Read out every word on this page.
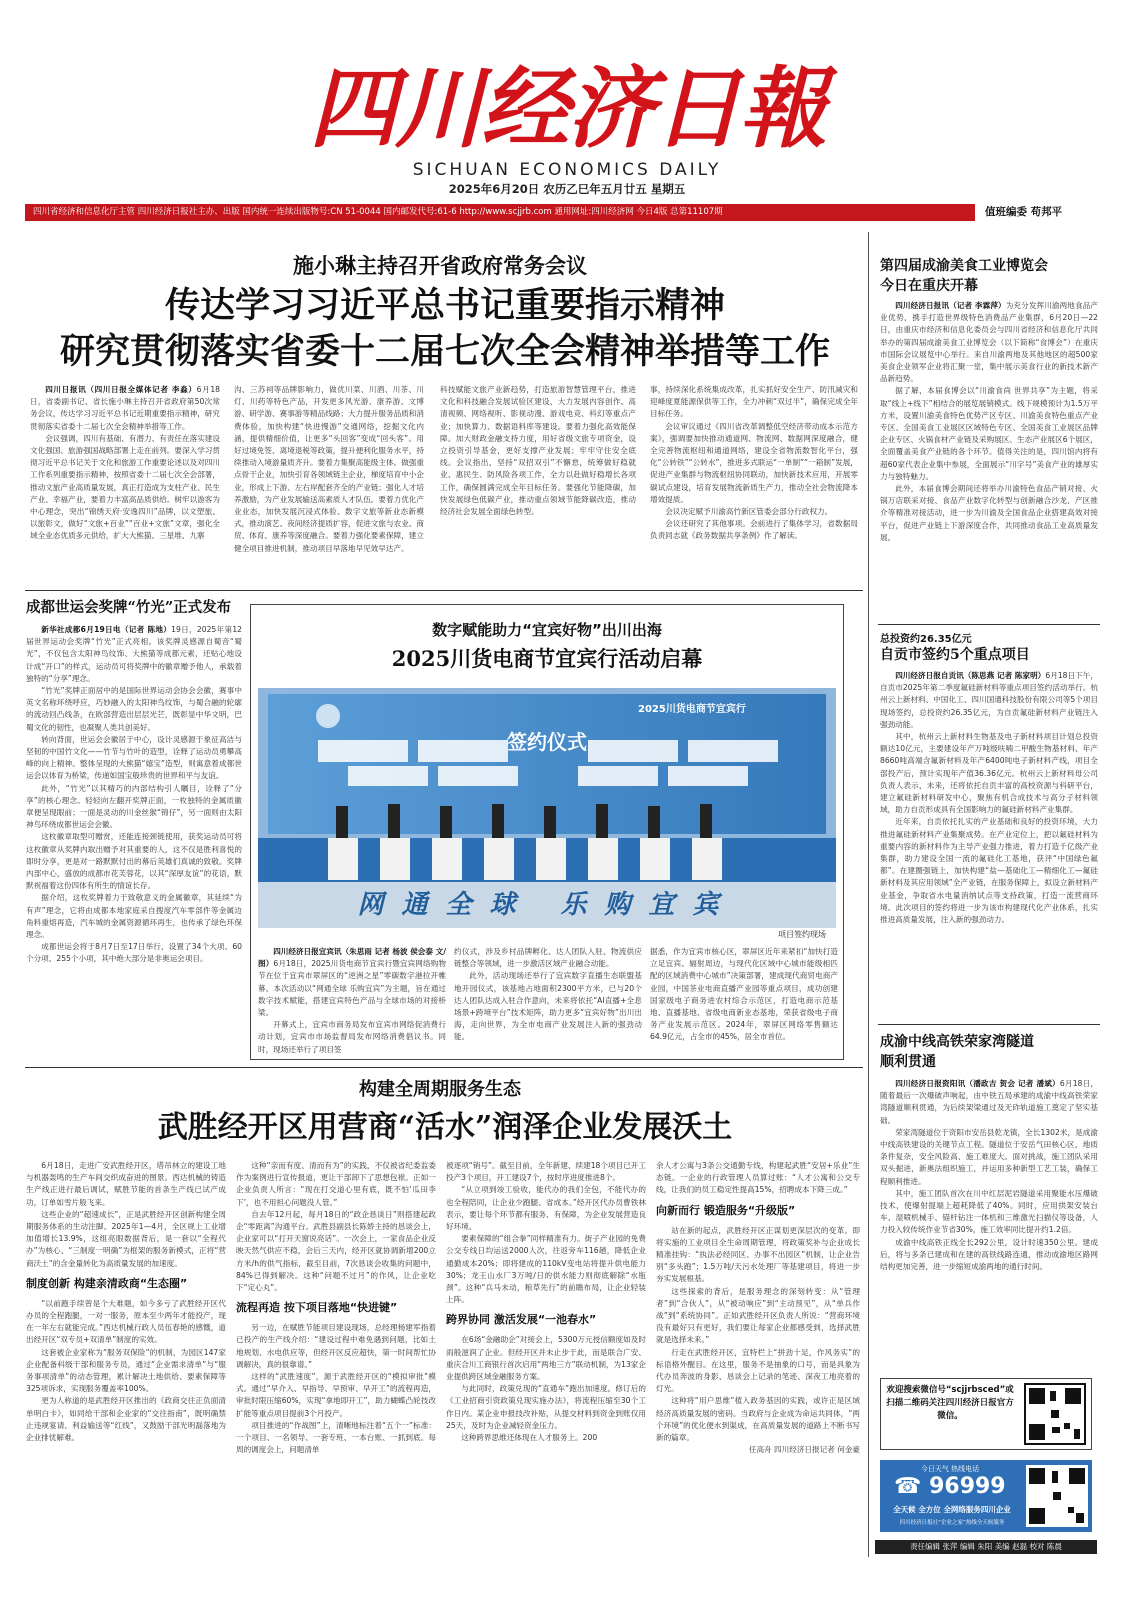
四川经济日報
SICHUAN ECONOMICS DAILY
2025年6月20日 农历乙巳年五月廿五 星期五
四川省经济和信息化厅主管 四川经济日报社主办、出版 国内统一连续出版物号:CN 51-0044 国内邮发代号:61-6 http://www.scjjrb.com 通用网址:四川经济网 今日4版 总第11107期	值班编委 苟邦平
施小琳主持召开省政府常务会议
传达学习习近平总书记重要指示精神
研究贯彻落实省委十二届七次全会精神举措等工作

四川日报讯（四川日报全媒体记者 李淼）6月18日，省委副书记、省长施小琳主持召开省政府第50次常务会议，传达学习习近平总书记近期重要指示精神，研究贯彻落实省委十二届七次全会精神举措等工作。

会议强调，四川有基础、有潜力、有责任在落实建设文化强国、旅游强国战略部署上走在前列。要深入学习贯彻习近平总书记关于文化和旅游工作重要论述以及对四川工作系列重要指示精神，按照省委十二届七次全会部署，推动文旅产业高质量发展，真正打造成为支柱产业、民生产业、幸福产业，要着力丰富高品质供给。树牢以游客为中心理念，突出“锦绣天府·安逸四川”品牌，以文塑旅、以旅彰文，做好“文旅+百业”“百业+文旅”文章，强化全域全业态优质多元供给，扩大大熊猫、三星堆、九寨

沟、三苏祠等品牌影响力，做优川菜、川酒、川茶、川灯、川药等特色产品，开发更多风光游、康养游、文博游、研学游、赛事游等精品线路；大力提升服务品质和消费体验，加快构建“快进慢游”交通网络，挖掘文化内涵，提供精细价值，让更多“头回客”变成“回头客”。用好过境免签、离境退税等政策，提升便利化服务水平，持续推动入境游量质齐升。要着力集聚高能级主体。做强重点骨干企业，加快引育各领域链主企业，梯度培育中小企业，形成上下游、左右岸配套齐全的产业链；强化人才培养激励，为产业发展输送高素质人才队伍。要着力优化产业业态，加快发展沉浸式体验、数字文旅等新业态新模式，推动演艺、夜间经济提质扩容，促进文旅与农业、商贸、体育、康养等深度融合。要着力强化要素保障，建立健全项目推进机制，推动项目早落地早见效早达产。
科技赋能文旅产业新趋势，打造旅游智慧管理平台，推进文化和科技融合发展试验区建设，大力发展内容创作、高清视频、网络视听、影视动漫、游戏电竞、科幻等重点产业；加快算力、数据语料库等建设。要着力强化高效能保障。加大财政金融支持力度，用好省级文旅专项资金，设立投资引导基金，更好支撑产业发展；牢牢守住安全底线。会议指出，坚持“双招双引”不懈怠，统筹做好稳就业、惠民生、防风险各项工作，全力以赴做好稳增长各项工作，确保圆满完成全年目标任务。要强化节能降碳，加快发展绿色低碳产业，推动重点领域节能降碳改造，推动经济社会发展全面绿色转型。

事，持续深化系统集成改革，扎实抓好安全生产、防汛减灾和迎峰度夏能源保供等工作，全力冲刺“双过半”，确保完成全年目标任务。

会议审议通过《四川省改革调整低空经济带动成本示范方案》，强调要加快推动通道网、物流网、数据网深度融合，健全完善物流枢纽和通道网络，建设全省物流数智化平台，强化“公转铁”“公转水”，推进多式联运“一单制”“一箱制”发展，促进产业集群与物流枢纽协同联动，加快新技术应用，开展零碳试点建设，培育发展物流新质生产力，推动全社会物流降本增效提质。

会议决定赋予川渝高竹新区管委会部分行政权力。

会议还研究了其他事项。会前进行了集体学习，省数据局负责同志就《政务数据共享条例》作了解读。

成都世运会奖牌“竹光”正式发布

新华社成都6月19日电（记者 陈地）19日，2025年第12届世界运动会奖牌“竹光”正式亮相。该奖牌灵感源自蜀音“蜀光”，不仅包含太阳神鸟纹饰、大熊猫等成都元素，还贴心地设计成“开口”的样式，运动员可将奖牌中的徽章赠予他人，承载着独特的“分享”理念。

“竹光”奖牌正面居中的是国际世界运动会协会会徽，赛事中英文名称环绕呼应，巧妙融入的太阳神鸟纹饰，与蜀合融的轮廓的流动回凸线条，在欧部营造出层层光芒，既彰显中华文明，巴蜀文化的韧性，也凝聚人类共创美好。

转向背面，世运会会徽居于中心，设计灵感源于象征高洁与坚韧的中国竹文化——竹节与竹叶的造型，诠释了运动员勇攀高峰的向上精神。整体呈现的大熊猫“嬉宝”造型，则寓意着成都世运会以体育为桥梁，传递如国宝般珍贵的世界和平与友谊。

此外，“竹光”以其精巧的内部结构引人瞩目，诠释了“分享”的核心理念。轻轻向左翻开奖牌正面，一枚独特的金属质徽章便呈现眼前；一面是灵动的川金丝猴“锦仔”，另一面则由太阳神鸟环绕成都世运会会徽。

这枚徽章取型可赠赏，还能连接颈链使用，获奖运动员可将这枚徽章从奖牌内取出赠予对其重要的人，这不仅是胜利喜悦的即时分享，更是对一路默默付出的幕后英雄们真诚的致敬。奖牌内部中心，盛放的成都市花芙蓉花，以其“深厚友谊”的花语，默默祝福着这份四体有所生的情谊长存。

据介绍，这枚奖牌着力于致敬意义的金属徽章，其延续“为有声”理念，它将由成都本地家庭采自搜度汽车零部件等金属边角料重熔再造，汽车城的金属资源循环再生，也传承了绿色环保理念。

成都世运会将于8月7日至17日举行，设置了34个大项、60个分项、255个小项，其中绝大部分是非奥运会项目。

数字赋能助力“宜宾好物”出川出海
2025川货电商节宜宾行活动启幕
签约仪式
2025川货电商节宜宾行
网通全球 乐购宜宾
项目签约现场

四川经济日报宜宾讯（朱思雨 记者 杨波 侯会泰 文/图）6月18日，2025川货电商节宜宾行暨宜宾网络购物节在位于宜宾市翠屏区的“逆洲之星”零碳数字港拉开帷幕。本次活动以“网通全球 乐购宜宾”为主题，旨在通过数字技术赋能，搭建宜宾特色产品与全球市场的对接桥梁。

开幕式上，宜宾市商务局发布宜宾市网络促消费行动计划，宜宾市市场监督局发布网络消费倡议书。同时，现场还举行了项目签

约仪式，涉及乡村品牌孵化、达人团队入驻、物流供应链整合等领域，进一步激活区域产业融合动能。

此外，活动现场还举行了宜宾数字直播生态联盟基地开园仪式，该基地占地面积2300平方米，已与20个达人团队达成入驻合作意向，未来将依托“AI直播+全息场景+跨境平台”技术矩阵，助力更多“宜宾好物”出川出海，走向世界，为全市电商产业发展注入新的强劲动能。

据悉，作为宜宾市核心区，翠屏区近年来紧扣“加快打造立足宜宾、辐射周边，与现代化区域中心城市能级相匹配的区域消费中心城市”决策部署，建成现代商贸电商产业园，中国茶业电商直播产业园等重点项目，成功创建国家级电子商务进农村综合示范区，打造电商示范基地、直播基地、省级电商新业态基地，荣获省级电子商务产业发展示范区。2024年，翠屏区网络零售额达64.9亿元，占全市的45%，居全市首位。
构建全周期服务生态
武胜经开区用营商“活水”润泽企业发展沃土

6月18日，走进广安武胜经开区，塔吊林立的建设工地与机器轰鸣的生产车间交织成奋进的图景。西达机械的铸造生产线正进行最后调试，赋胜节能的首条生产线已试产成功，订单如雪片般飞来。

这些企业的“超速成长”，正是武胜经开区创新构建全周期服务体系的生动注脚。2025年1—4月，全区规上工业增加值增长13.9%，这组亮眼数据背后，是一套以“全程代办”为核心、“三制度一明确”为框架的服务新模式，正将“营商沃土”的含金量转化为高质量发展的加速度。

制度创新 构建亲清政商“生态圈”

“以前跑手续曾是个大难题，如今多亏了武胜经开区代办员的全程跑腿，一对一服务，原本至少两年才能投产，现在一年左右就能完成。”西达机械行政人员伍春艳的感慨，道出经开区“双专员+双清单”制度的实效。

这套被企业家称为“服务双保险”的机制，为园区147家企业配备科级干部和服务专员，通过“企业需求清单”与“服务事项清单”的动态管理，累计解决土地供给、要素保障等325项诉求，实现服务覆盖率100%。

更为人称道的是武胜经开区推出的《政商交往正负面清单明白卡》，如同给干部和企业家的“交往指南”，既明确禁止违规宴请、利益输送等“红线”，又鼓励干部光明磊落地为企业排忧解难。

这种“亲而有度、清而有为”的实践，不仅被省纪委监委作为案例进行宣传报道，更让干部卸下了思想包袱。正如一企业负责人所言：“现在打交道心里有底，既不怕‘瓜田李下’，也不用担心问题没人管。”

自去年12月起，每月18日的“政企恳谈日”则搭建起政企“零距离”沟通平台。武胜县副县长陈娇主持的恳谈会上，企业家可以“打开天窗说亮话”。一次会上，一家食品企业反映天然气供应不稳，会后三天内，经开区就协调新增200立方米/h的供气指标，截至目前，7次恳谈会收集的问题中，84%已得到解决。这种“问题不过月”的作风，让企业吃下“定心丸”。

流程再造 按下项目落地“快进键”

另一边，在赋胜节能项目建设现场，总经理杨建军指着已投产的生产线介绍：“建设过程中难免遇到问题，比如土地规划、水电供应等，但经开区反应超快，第一时间帮忙协调解决，真的很靠谱。”

这样的“武胜速度”，源于武胜经开区的“模拟审批”模式。通过“早介入、早指导、早预审、早开工”的流程再造，审批时限压缩60%，实现“拿地即开工”，助力蝴蝶凸轮技改扩能等重点项目提前3个月投产。

项目推进的“作战图”上，清晰地标注着“五个一”标准：一个项目、一名领导、一套专班、一本台账、一抓到底。每周的调度会上，问题清单

被逐项“销号”。截至目前，全年新建、续建18个项目已开工投产3个项目，开工建设7个，按时序进度推进8个。

“从立项到竣工验收，能代办的我们全包，不能代办的也全程陪同，让企业少跑腿、省成本。”经开区代办员曹铁林表示，要让每个环节都有服务、有保障，为企业发展营造良好环境。

要素保障的“组合拳”同样精准有力。街子产业园的免费公交专线日均运送2000人次，往返旁车116趟，降低企业通勤成本20%；即将建成的110kV变电站将提升供电能力30%；龙王山水厂3万吨/日的供水能力则彻底解除“水瓶颈”。这种“兵马未动，粮草先行”的前瞻布局，让企业轻装上阵。

跨界协同 激活发展“一池春水”

在6场“金融助企”对接会上，5300万元授信额度如及时雨般滋润了企业。但经开区并未止步于此，而是联合广安、重庆合川工商银行首次启用“两地三方”联动机制，为13家企业提供跨区域金融服务方案。

与此同时，政策兑现的“直通车”跑出加速度。修订后的《工业招商引资政策兑现实施办法》，将流程压缩至30个工作日内。某企业申报技改补贴，从提交材料到资金到账仅用25天，及时为企业减轻资金压力。

这种跨界思维还体现在人才服务上。200

余人才公寓与3条公交通勤专线，构建起武胜“安居+乐业”生态链。一企业的行政管理人员算过账：“人才公寓和公交专线，让我们的员工稳定性提高15%，招聘成本下降三成。”

向新而行 锻造服务“升级版”

站在新的起点，武胜经开区正谋划更深层次的变革。即将实施的工业项目全生命周期管理，将政策奖补与企业成长精准挂钩：“执法必经同区、办事不出园区”机制，让企业告别“多头跑”；1.5万吨/天污水处理厂等基建项目，将进一步夯实发展根基。

这些探索的背后，是服务理念的深刻转变：从“管理者”到“合伙人”，从“被动响应”到“主动预见”，从“单兵作战”到“系统协同”。正如武胜经开区负责人所说：“营商环境没有最好只有更好，我们要让每家企业都感受到，选择武胜就是选择未来。”

行走在武胜经开区，宜特栏上“拼劲十足，作风务实”的标语格外醒目。在这里，服务不是抽象的口号，而是具象为代办员奔波的身影、恳谈会上记录的笔迹、深夜工地亮着的灯光。

这种将“用户思维”植入政务基因的实践，或许正是区域经济高质量发展的密码。当政府与企业成为命运共同体，“两个环境”的优化便水到渠成，在高质量发展的道路上不断书写新的篇章。

任高舟 四川经济日报记者 何金豪

第四届成渝美食工业博览会
今日在重庆开幕

四川经济日报讯（记者 李霖萍）为充分发挥川渝两地食品产业优势，携手打造世界级特色消费品产业集群，6月20日—22日，由重庆市经济和信息化委员会与四川省经济和信息化厅共同举办的第四届成渝美食工业博览会（以下简称“食博会”）在重庆市国际会议展览中心举行。来自川渝两地及其他地区的超500家美食企业领军企业将汇聚一堂，集中展示美食行业的新技术新产品新趋势。

据了解，本届食博会以“川渝食尚 世界共享”为主题，将采取“线上+线下”相结合的展览展销模式。线下规模预计为1.5万平方米，设置川渝美食特色优势产区专区、川渝美食特色重点产业专区、全国美食工业展区区域特色专区、全国美食工业展区品牌企业专区、火锅食材产业链及采购展区、生态产业展区6个展区，全面覆盖美食产业链的各个环节。值得关注的是，四川馆内将有超60家代表企业集中参展，全面展示“川字号”美食产业的雄厚实力与独特魅力。

此外，本届食博会期间还将举办川渝特色食品产销对接、火锅万店联采对接、食品产业数字化转型与创新融合沙龙、产区推介等精准对接活动，进一步为川渝及全国食品企业搭建高效对接平台，促进产业链上下游深度合作，共同推动食品工业高质量发展。

总投资约26.35亿元
自贡市签约5个重点项目

四川经济日报自贡讯（陈思燕 记者 陈家明）6月18日下午，自贡市2025年第二季度氟硅新材料等重点项目签约活动举行。杭州云上新材料、中国化工、四川国通科技股份有限公司等5个项目现场签约，总投资约26.35亿元，为自贡氟硅新材料产业链注入强劲动能。

其中，杭州云上新材料生物基及电子新材料项目计划总投资额达10亿元，主要建设年产万吨级呋喃二甲酸生物基材料、年产8660吨高端含氟新材料及年产6400吨电子新材料产线，项目全部投产后，预计实现年产值36.36亿元。杭州云上新材料母公司负责人表示，未来，还将依托自贡丰富的高校资源与科研平台，建立氟硅新材料研发中心，聚焦有机合成技术与高分子材料领域，助力自贡形成具有全国影响力的氟硅新材料产业集群。

近年来，自贡依托扎实的产业基础和良好的投资环境，大力推进氟硅新材料产业集聚成势。在产业定位上，把以氟硅材料为重要内容的新材料作为主导产业强力推进，着力打造千亿级产业集群，助力建设全国一流的氟硅化工基地，获评“中国绿色氟都”。在建圈强链上，加快构建“盐—基础化工—精细化工—氟硅新材料及其应用领域”全产业链，在服务保障上，拟设立新材料产业基金，争取省水电量消纳试点等支持政策，打造一流营商环境。此次项目的签约将进一步为该市构建现代化产业体系，扎实推进高质量发展，注入新的强劲动力。

成渝中线高铁荣家湾隧道
顺利贯通

四川经济日报资阳讯（潘政吉 贺会 记者 潘斌）6月18日，随着最后一次爆破声响起，由中铁五局承建的成渝中线高铁荣家湾隧道顺利贯通，为后续架梁通过及无砟轨道施工奠定了坚实基础。

荣家湾隧道位于资阳市安岳县乾龙镇，全长1302米，是成渝中线高铁建设的关键节点工程。隧道位于安岳气田核心区，地质条件复杂，安全风险高、施工难度大。面对挑战，施工团队采用双头掘进，新奥法组织施工，并运用多种新型工艺工装，确保工程顺利推进。

其中，施工团队首次在川中红层泥岩隧道采用聚能水压爆破技术，使爆射提端上超耗降低了40%。同时，应用拱架安装台车、湿喷机械手、锚杆钻注一体机和三维激光扫描仪等设备，人力投入较传统作业节省30%，施工效率同比提升约1.2倍。

成渝中线高铁正线全长292公里，设计时速350公里。建成后，将与多条已建成和在建的高铁线路连通，推动成渝地区路网结构更加完善，进一步缩短成渝两地的通行时间。

欢迎搜索微信号“scjjrbsced”或扫描二维码关注四川经济日报官方微信。
今日天气 热线电话
☎ 96999
全天候 全方位 全网络服务四川企业
四川经济日报社“企业之家”热线全天候服务
责任编辑 张萍 编辑 朱阳 美编 赵磊 校对 陈晨
